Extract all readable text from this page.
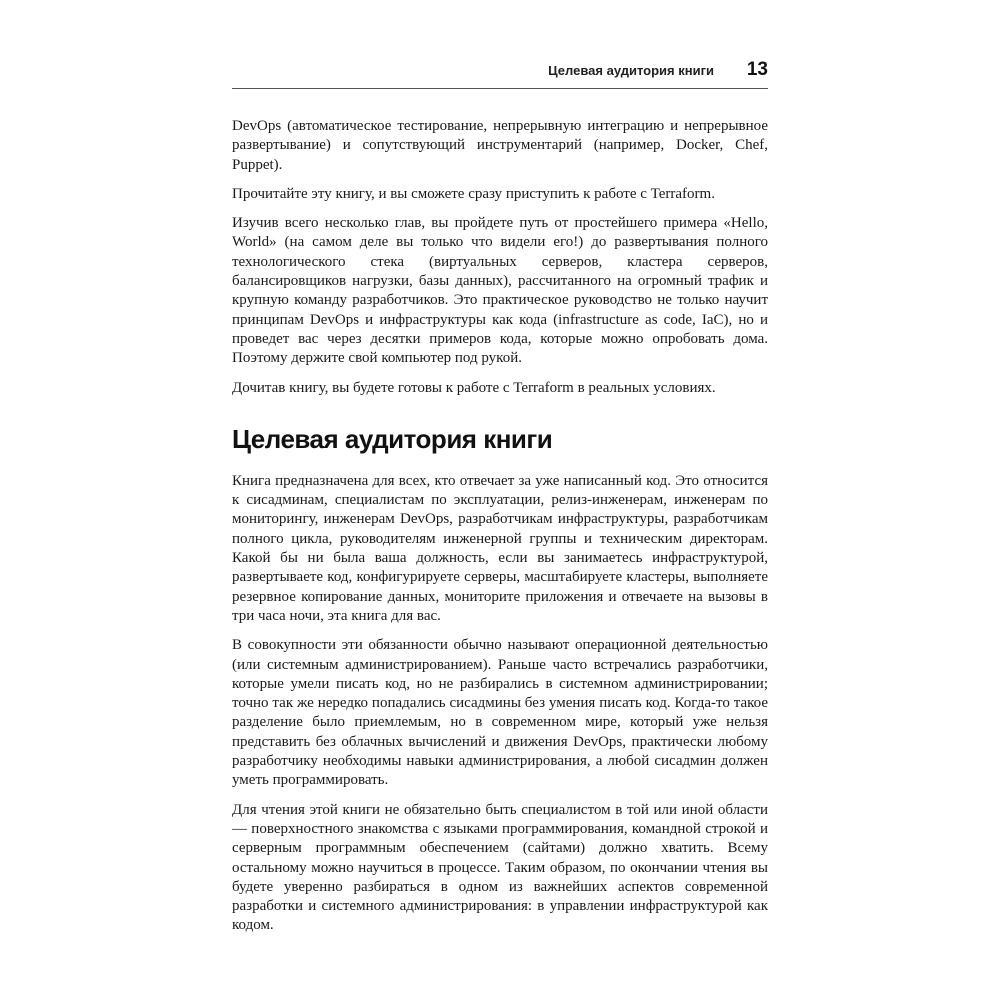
Целевая аудитория книги 13

DevOps (автоматическое тестирование, непрерывную интеграцию и непрерывное развертывание) и сопутствующий инструментарий (например, Docker, Chef, Puppet).

Прочитайте эту книгу, и вы сможете сразу приступить к работе с Terraform.

Изучив всего несколько глав, вы пройдете путь от простейшего примера «Hello, World» (на самом деле вы только что видели его!) до развертывания полного технологического стека (виртуальных серверов, кластера серверов, балансировщиков нагрузки, базы данных), рассчитанного на огромный трафик и крупную команду разработчиков. Это практическое руководство не только научит принципам DevOps и инфраструктуры как кода (infrastructure as code, IaC), но и проведет вас через десятки примеров кода, которые можно опробовать дома. Поэтому держите свой компьютер под рукой.

Дочитав книгу, вы будете готовы к работе с Terraform в реальных условиях.

Целевая аудитория книги

Книга предназначена для всех, кто отвечает за уже написанный код. Это относится к сисадминам, специалистам по эксплуатации, релиз-инженерам, инженерам по мониторингу, инженерам DevOps, разработчикам инфраструктуры, разработчикам полного цикла, руководителям инженерной группы и техническим директорам. Какой бы ни была ваша должность, если вы занимаетесь инфраструктурой, развертываете код, конфигурируете серверы, масштабируете кластеры, выполняете резервное копирование данных, мониторите приложения и отвечаете на вызовы в три часа ночи, эта книга для вас.

В совокупности эти обязанности обычно называют операционной деятельностью (или системным администрированием). Раньше часто встречались разработчики, которые умели писать код, но не разбирались в системном администрировании; точно так же нередко попадались сисадмины без умения писать код. Когда-то такое разделение было приемлемым, но в современном мире, который уже нельзя представить без облачных вычислений и движения DevOps, практически любому разработчику необходимы навыки администрирования, а любой сисадмин должен уметь программировать.

Для чтения этой книги не обязательно быть специалистом в той или иной области — поверхностного знакомства с языками программирования, командной строкой и серверным программным обеспечением (сайтами) должно хватить. Всему остальному можно научиться в процессе. Таким образом, по окончании чтения вы будете уверенно разбираться в одном из важнейших аспектов современной разработки и системного администрирования: в управлении инфраструктурой как кодом.
